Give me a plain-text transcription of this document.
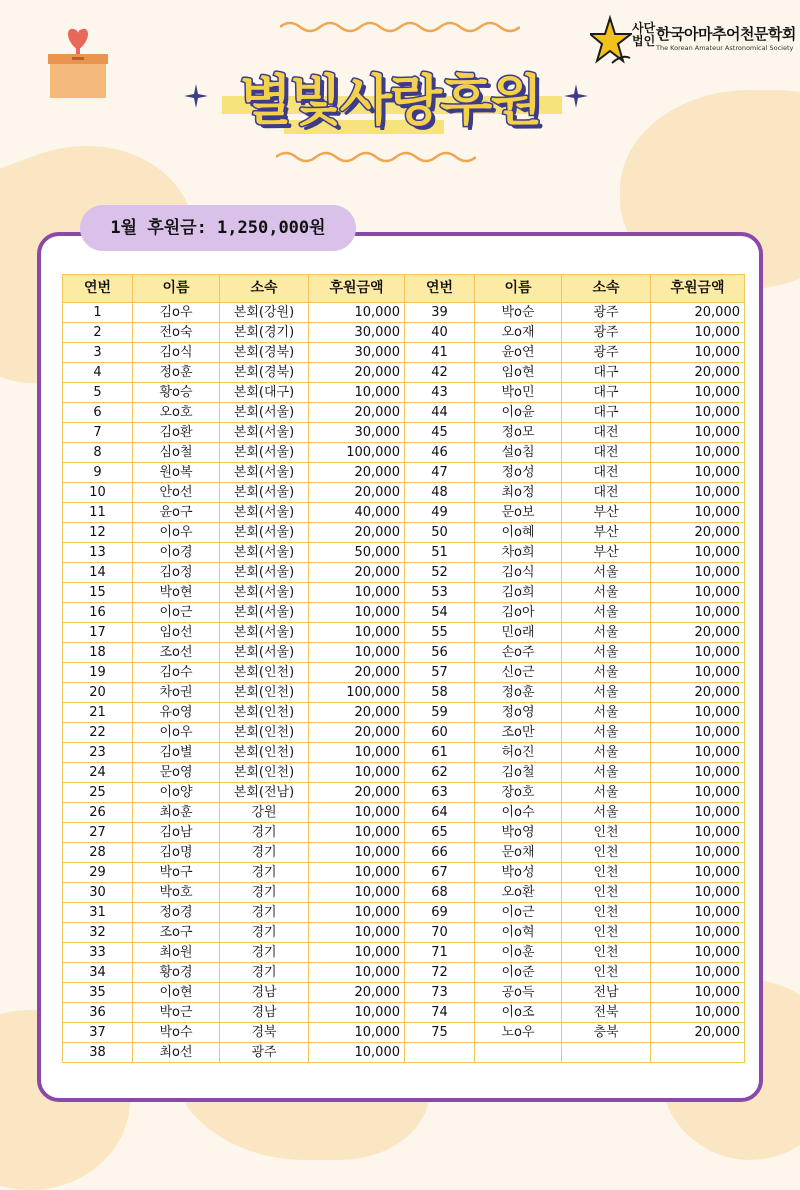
사단
법인 한국아마추어천문학회
The Korean Amateur Astronomical Society
별빛사랑후원
1월 후원금: 1,250,000원
연번	이름	소속	후원금액	연번	이름	소속	후원금액
1	김o우	본회(강원)	10,000	39	박o순	광주	20,000
2	전o숙	본회(경기)	30,000	40	오o재	광주	10,000
3	김o식	본회(경북)	30,000	41	윤o연	광주	10,000
4	정o훈	본회(경북)	20,000	42	임o현	대구	20,000
5	황o승	본회(대구)	10,000	43	박o민	대구	10,000
6	오o호	본회(서울)	20,000	44	이o윤	대구	10,000
7	김o환	본회(서울)	30,000	45	정o모	대전	10,000
8	심o철	본회(서울)	100,000	46	설o침	대전	10,000
9	원o복	본회(서울)	20,000	47	정o성	대전	10,000
10	안o선	본회(서울)	20,000	48	최o정	대전	10,000
11	윤o구	본회(서울)	40,000	49	문o보	부산	10,000
12	이o우	본회(서울)	20,000	50	이o혜	부산	20,000
13	이o경	본회(서울)	50,000	51	차o희	부산	10,000
14	김o정	본회(서울)	20,000	52	김o식	서울	10,000
15	박o현	본회(서울)	10,000	53	김o희	서울	10,000
16	이o근	본회(서울)	10,000	54	김o아	서울	10,000
17	임o선	본회(서울)	10,000	55	민o래	서울	20,000
18	조o선	본회(서울)	10,000	56	손o주	서울	10,000
19	김o수	본회(인천)	20,000	57	신o근	서울	10,000
20	차o권	본회(인천)	100,000	58	정o훈	서울	20,000
21	유o영	본회(인천)	20,000	59	정o영	서울	10,000
22	이o우	본회(인천)	20,000	60	조o만	서울	10,000
23	김o별	본회(인천)	10,000	61	허o진	서울	10,000
24	문o영	본회(인천)	10,000	62	김o철	서울	10,000
25	이o양	본회(전남)	20,000	63	장o호	서울	10,000
26	최o훈	강원	10,000	64	이o수	서울	10,000
27	김o남	경기	10,000	65	박o영	인천	10,000
28	김o명	경기	10,000	66	문o채	인천	10,000
29	박o구	경기	10,000	67	박o성	인천	10,000
30	박o호	경기	10,000	68	오o환	인천	10,000
31	정o경	경기	10,000	69	이o근	인천	10,000
32	조o구	경기	10,000	70	이o혁	인천	10,000
33	최o원	경기	10,000	71	이o훈	인천	10,000
34	황o경	경기	10,000	72	이o준	인천	10,000
35	이o현	경남	20,000	73	공o득	전남	10,000
36	박o근	경남	10,000	74	이o조	전북	10,000
37	박o수	경북	10,000	75	노o우	충북	20,000
38	최o선	광주	10,000				
